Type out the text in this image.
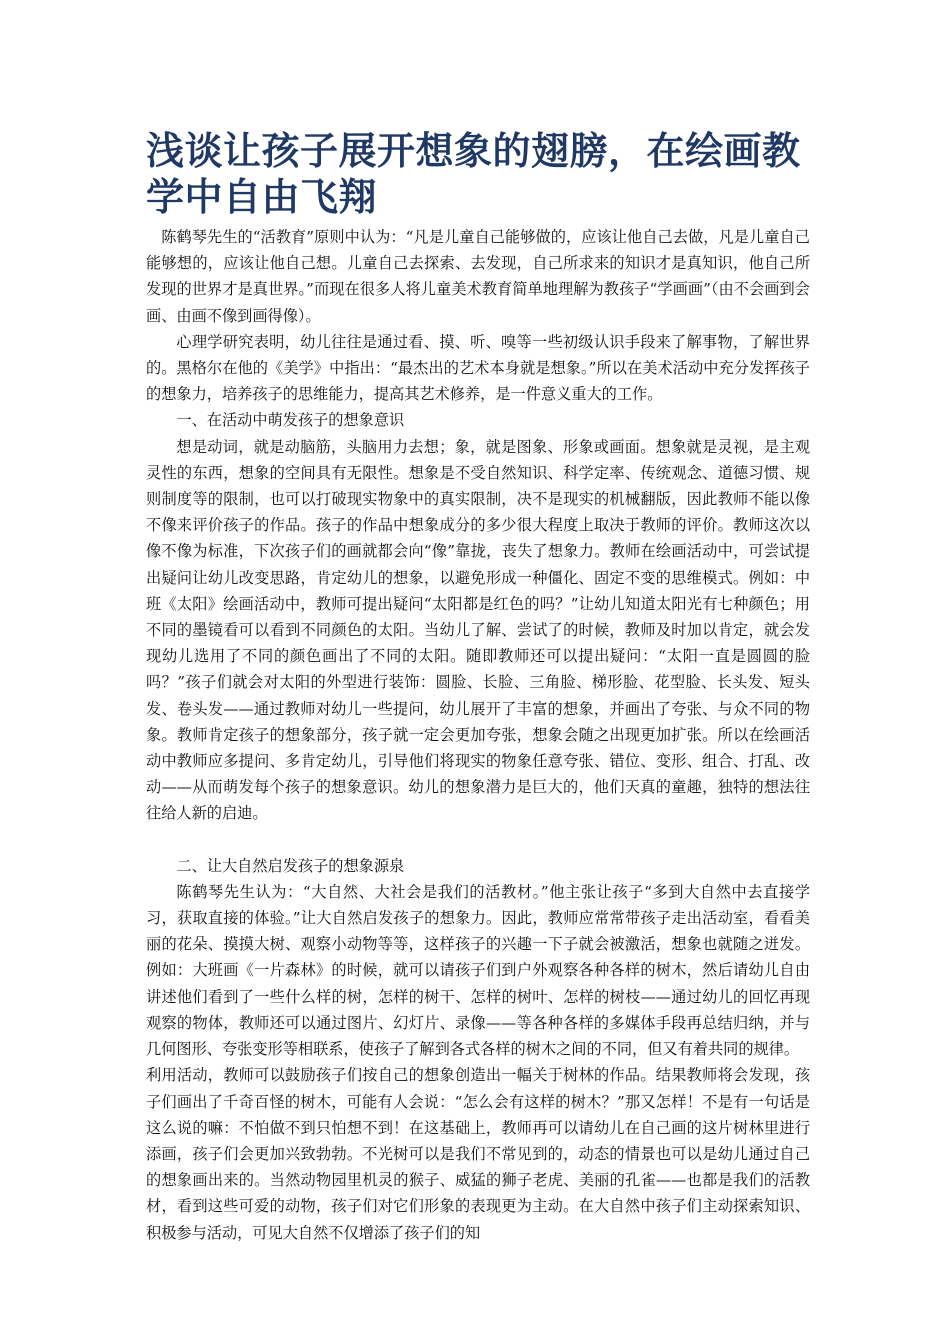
浅谈让孩子展开想象的翅膀，在绘画教学中自由飞翔

陈鹤琴先生的“活教育”原则中认为：“凡是儿童自己能够做的，应该让他自己去做，凡是儿童自己能够想的，应该让他自己想。儿童自己去探索、去发现，自己所求来的知识才是真知识，他自己所发现的世界才是真世界。”而现在很多人将儿童美术教育简单地理解为教孩子“学画画”（由不会画到会画、由画不像到画得像）。

心理学研究表明，幼儿往往是通过看、摸、听、嗅等一些初级认识手段来了解事物，了解世界的。黑格尔在他的《美学》中指出：“最杰出的艺术本身就是想象。”所以在美术活动中充分发挥孩子的想象力，培养孩子的思维能力，提高其艺术修养，是一件意义重大的工作。

一、在活动中萌发孩子的想象意识

想是动词，就是动脑筋，头脑用力去想；象，就是图象、形象或画面。想象就是灵视，是主观灵性的东西，想象的空间具有无限性。想象是不受自然知识、科学定率、传统观念、道德习惯、规则制度等的限制，也可以打破现实物象中的真实限制，决不是现实的机械翻版，因此教师不能以像不像来评价孩子的作品。孩子的作品中想象成分的多少很大程度上取决于教师的评价。教师这次以像不像为标准，下次孩子们的画就都会向“像”靠拢，丧失了想象力。教师在绘画活动中，可尝试提出疑问让幼儿改变思路，肯定幼儿的想象，以避免形成一种僵化、固定不变的思维模式。例如：中班《太阳》绘画活动中，教师可提出疑问“太阳都是红色的吗？”让幼儿知道太阳光有七种颜色；用不同的墨镜看可以看到不同颜色的太阳。当幼儿了解、尝试了的时候，教师及时加以肯定，就会发现幼儿选用了不同的颜色画出了不同的太阳。随即教师还可以提出疑问：“太阳一直是圆圆的脸吗？”孩子们就会对太阳的外型进行装饰：圆脸、长脸、三角脸、梯形脸、花型脸、长头发、短头发、卷头发——通过教师对幼儿一些提问，幼儿展开了丰富的想象，并画出了夸张、与众不同的物象。教师肯定孩子的想象部分，孩子就一定会更加夸张，想象会随之出现更加扩张。所以在绘画活动中教师应多提问、多肯定幼儿，引导他们将现实的物象任意夸张、错位、变形、组合、打乱、改动——从而萌发每个孩子的想象意识。幼儿的想象潜力是巨大的，他们天真的童趣，独特的想法往往给人新的启迪。

二、让大自然启发孩子的想象源泉

陈鹤琴先生认为：“大自然、大社会是我们的活教材。”他主张让孩子“多到大自然中去直接学习，获取直接的体验。”让大自然启发孩子的想象力。因此，教师应常常带孩子走出活动室，看看美丽的花朵、摸摸大树、观察小动物等等，这样孩子的兴趣一下子就会被激活，想象也就随之迸发。例如：大班画《一片森林》的时候，就可以请孩子们到户外观察各种各样的树木，然后请幼儿自由讲述他们看到了一些什么样的树，怎样的树干、怎样的树叶、怎样的树枝——通过幼儿的回忆再现观察的物体，教师还可以通过图片、幻灯片、录像——等各种各样的多媒体手段再总结归纳，并与几何图形、夸张变形等相联系，使孩子了解到各式各样的树木之间的不同，但又有着共同的规律。

利用活动，教师可以鼓励孩子们按自己的想象创造出一幅关于树林的作品。结果教师将会发现，孩子们画出了千奇百怪的树木，可能有人会说：“怎么会有这样的树木？”那又怎样！不是有一句话是这么说的嘛：不怕做不到只怕想不到！在这基础上，教师再可以请幼儿在自己画的这片树林里进行添画，孩子们会更加兴致勃勃。不光树可以是我们不常见到的，动态的情景也可以是幼儿通过自己的想象画出来的。当然动物园里机灵的猴子、威猛的狮子老虎、美丽的孔雀——也都是我们的活教材，看到这些可爱的动物，孩子们对它们形象的表现更为主动。在大自然中孩子们主动探索知识、积极参与活动，可见大自然不仅增添了孩子们的知
